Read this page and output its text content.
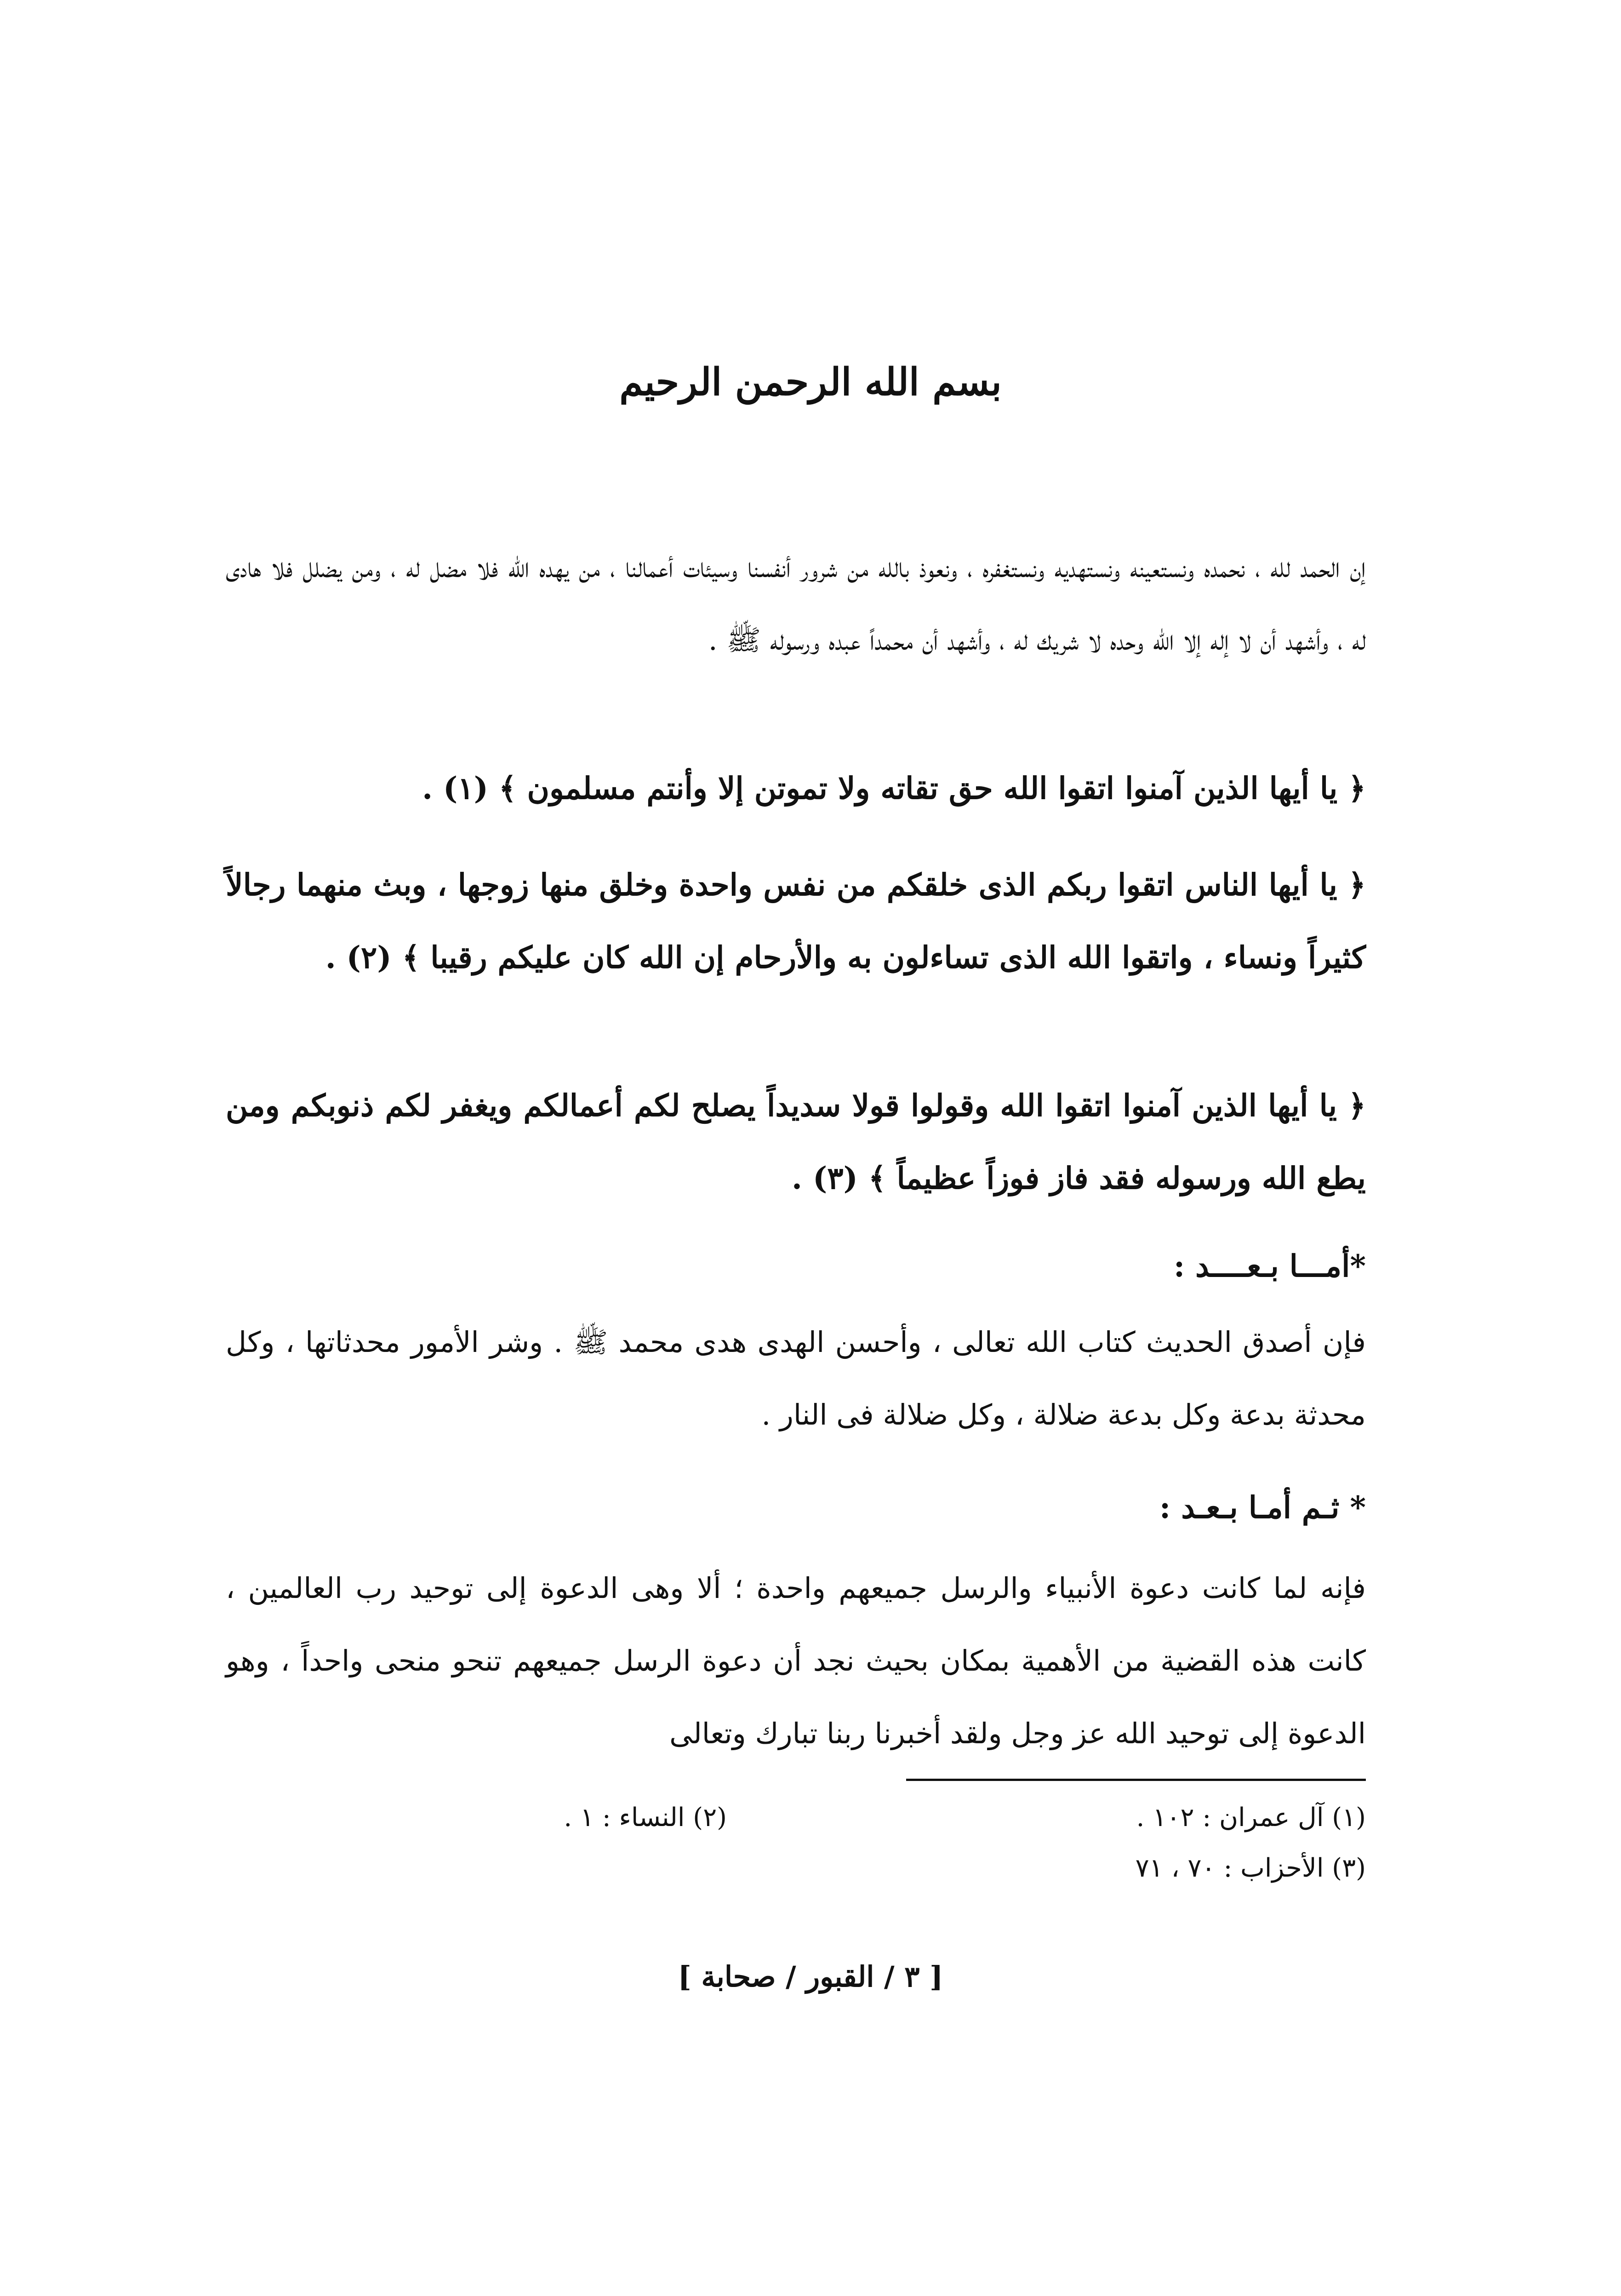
بسم الله الرحمن الرحيم
إن الحمد لله ، نحمده ونستعينه ونستهديه ونستغفره ، ونعوذ بالله من شرور أنفسنا وسيئات أعمالنا ، من يهده الله فلا مضل له ، ومن يضلل فلا هادى له ، وأشهد أن لا إله إلا الله وحده لا شريك له ، وأشهد أن محمداً عبده ورسوله ﷺ .
﴿ يا أيها الذين آمنوا اتقوا الله حق تقاته ولا تموتن إلا وأنتم مسلمون ﴾ (١) .
﴿ يا أيها الناس اتقوا ربكم الذى خلقكم من نفس واحدة وخلق منها زوجها ، وبث منهما رجالاً كثيراً ونساء ، واتقوا الله الذى تساءلون به والأرحام إن الله كان عليكم رقيبا ﴾ (٢) .
﴿ يا أيها الذين آمنوا اتقوا الله وقولوا قولا سديداً يصلح لكم أعمالكم ويغفر لكم ذنوبكم ومن يطع الله ورسوله فقد فاز فوزاً عظيماً ﴾ (٣) .
*أمـــا بـعــــد :
فإن أصدق الحديث كتاب الله تعالى ، وأحسن الهدى هدى محمد ﷺ . وشر الأمور محدثاتها ، وكل محدثة بدعة وكل بدعة ضلالة ، وكل ضلالة فى النار .
* ثـم أمـا بـعـد :
فإنه لما كانت دعوة الأنبياء والرسل جميعهم واحدة ؛ ألا وهى الدعوة إلى توحيد رب العالمين ، كانت هذه القضية من الأهمية بمكان بحيث نجد أن دعوة الرسل جميعهم تنحو منحى واحداً ، وهو الدعوة إلى توحيد الله عز وجل ولقد أخبرنا ربنا تبارك وتعالى
(١) آل عمران : ١٠٢ .
(٢) النساء : ١ .
(٣) الأحزاب : ٧٠ ، ٧١
[ ٣ / القبور / صحابة ]
